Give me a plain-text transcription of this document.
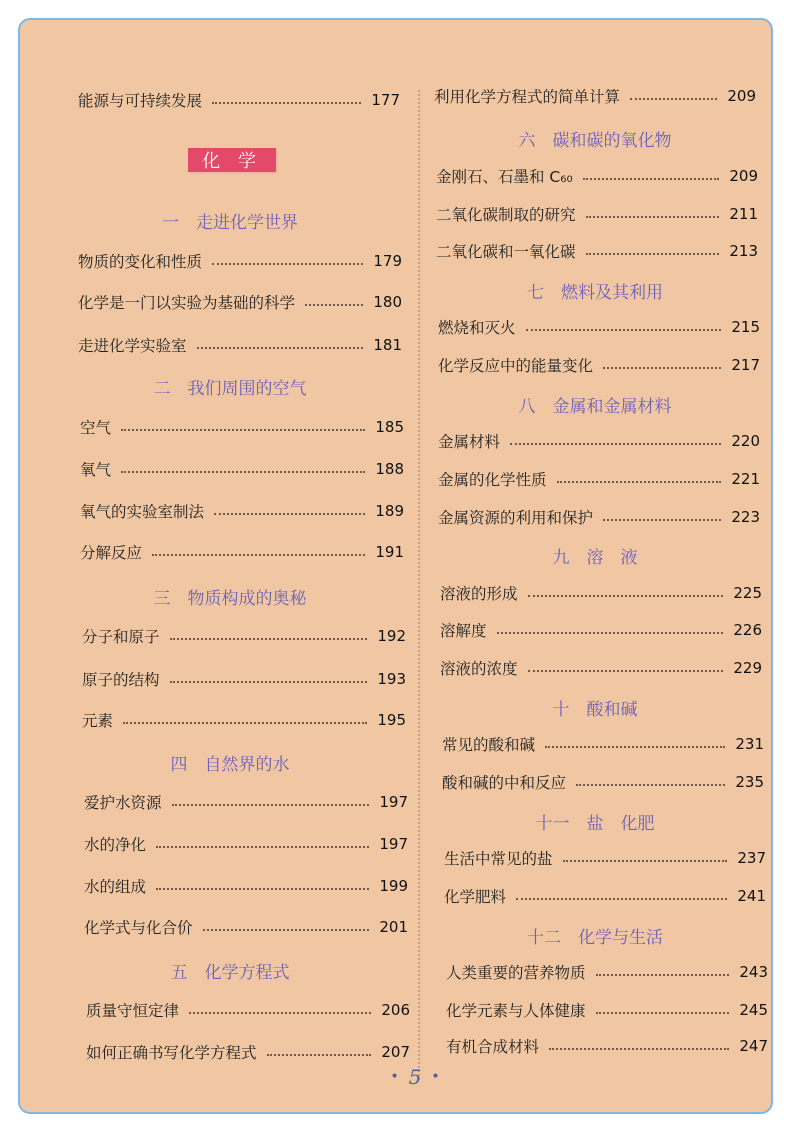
化 学
能源与可持续发展	177
一　走进化学世界
物质的变化和性质	179
化学是一门以实验为基础的科学	180
走进化学实验室	181
二　我们周围的空气
空气	185
氧气	188
氧气的实验室制法	189
分解反应	191
三　物质构成的奥秘
分子和原子	192
原子的结构	193
元素	195
四　自然界的水
爱护水资源	197
水的净化	197
水的组成	199
化学式与化合价	201
五　化学方程式
质量守恒定律	206
如何正确书写化学方程式	207
利用化学方程式的简单计算	209
六　碳和碳的氧化物
金刚石、石墨和 C₆₀	209
二氧化碳制取的研究	211
二氧化碳和一氧化碳	213
七　燃料及其利用
燃烧和灭火	215
化学反应中的能量变化	217
八　金属和金属材料
金属材料	220
金属的化学性质	221
金属资源的利用和保护	223
九　溶　液
溶液的形成	225
溶解度	226
溶液的浓度	229
十　酸和碱
常见的酸和碱	231
酸和碱的中和反应	235
十一　盐　化肥
生活中常见的盐	237
化学肥料	241
十二　化学与生活
人类重要的营养物质	243
化学元素与人体健康	245
有机合成材料	247
• 5 •
